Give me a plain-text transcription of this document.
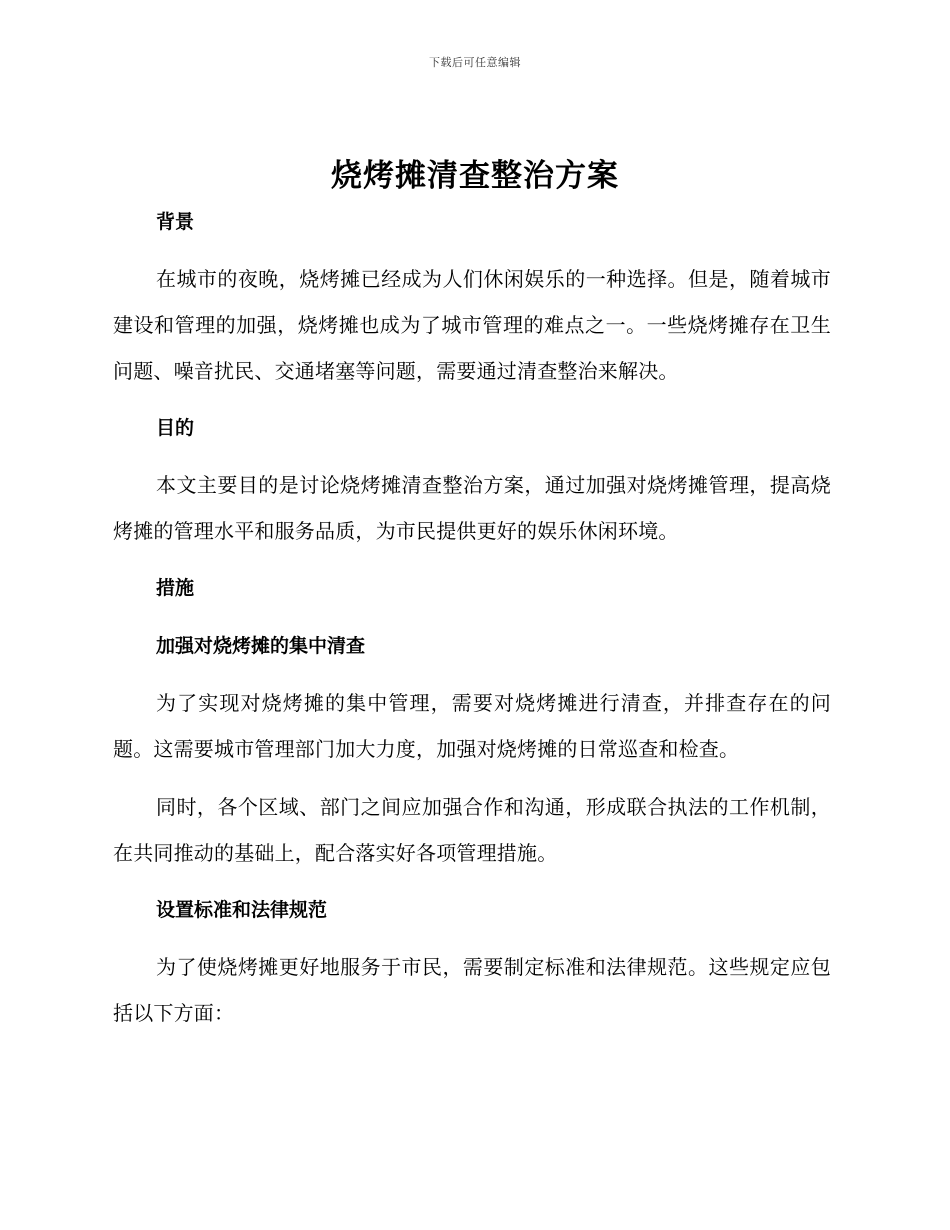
下载后可任意编辑
烧烤摊清查整治方案
背景

在城市的夜晚，烧烤摊已经成为人们休闲娱乐的一种选择。但是，随着城市建设和管理的加强，烧烤摊也成为了城市管理的难点之一。一些烧烤摊存在卫生问题、噪音扰民、交通堵塞等问题，需要通过清查整治来解决。

目的

本文主要目的是讨论烧烤摊清查整治方案，通过加强对烧烤摊管理，提高烧烤摊的管理水平和服务品质，为市民提供更好的娱乐休闲环境。

措施
加强对烧烤摊的集中清查

为了实现对烧烤摊的集中管理，需要对烧烤摊进行清查，并排查存在的问题。这需要城市管理部门加大力度，加强对烧烤摊的日常巡查和检查。

同时，各个区域、部门之间应加强合作和沟通，形成联合执法的工作机制，在共同推动的基础上，配合落实好各项管理措施。

设置标准和法律规范

为了使烧烤摊更好地服务于市民，需要制定标准和法律规范。这些规定应包括以下方面：
